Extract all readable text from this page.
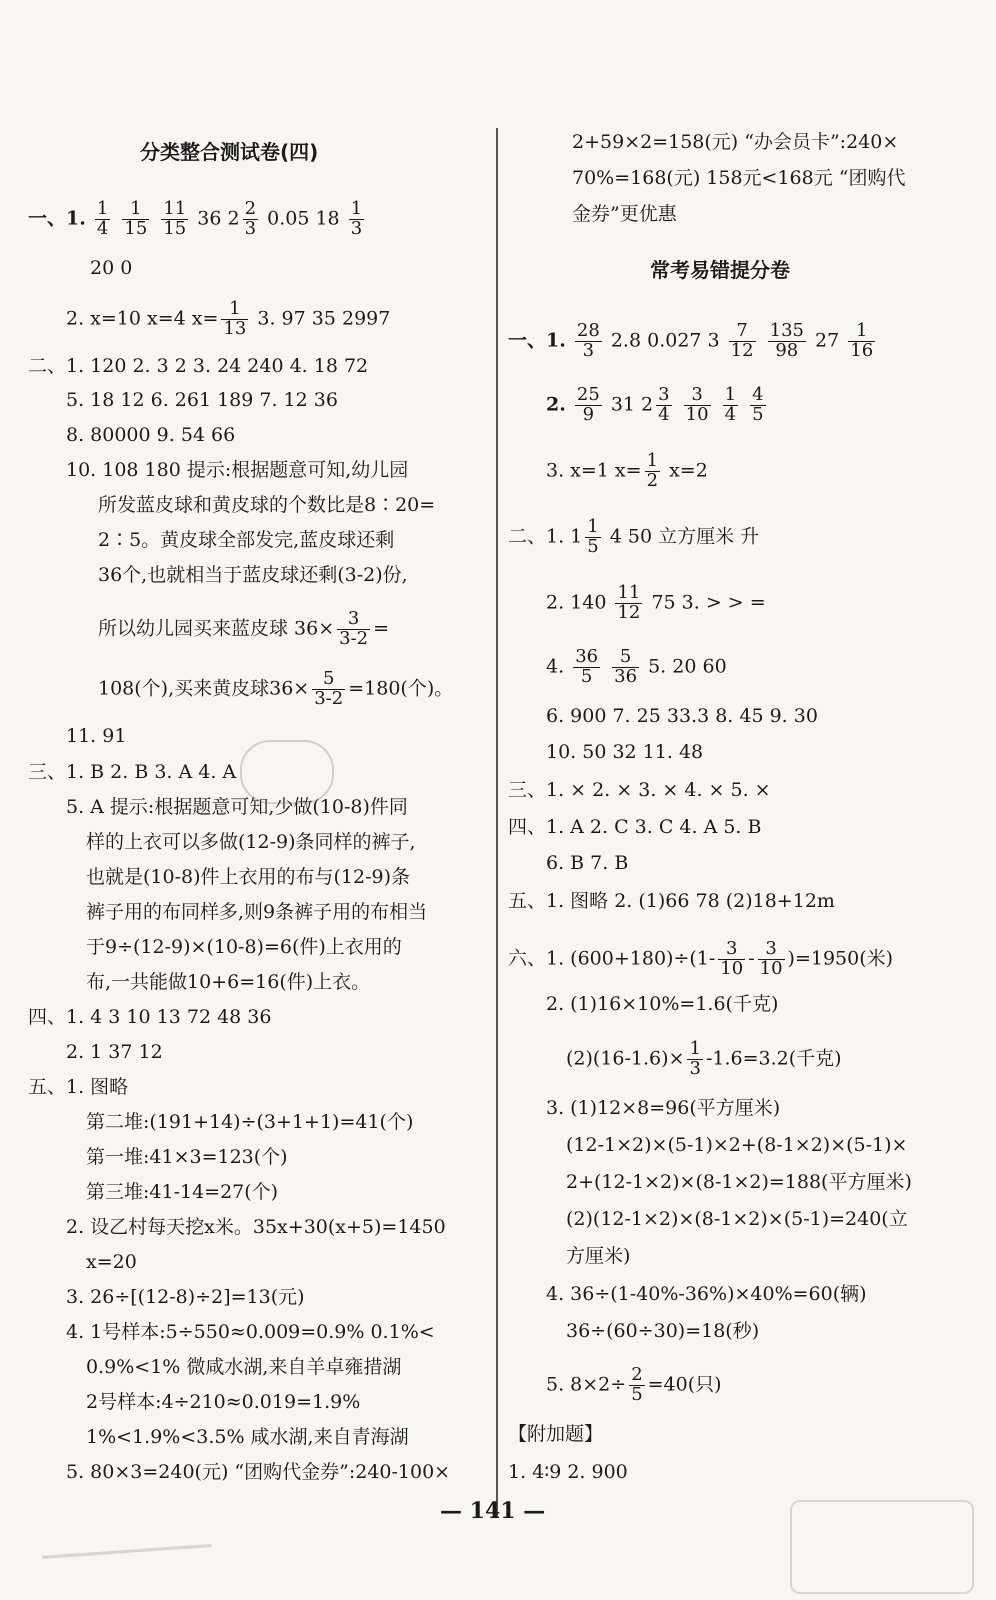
分类整合测试卷(四)
一、1. $\frac{1}{4}$
$\frac{1}{15}$
$\frac{11}{15} 36$ $2 \frac{2}{3} 0.05$ $18 \frac{1}{3}$
20 0
2. x=10 x=4 $x= \frac{1}{13} 3$. 97 35 2997
二、1. 120 2. 3 2 3. 24 240 4. 18 72
5. 18 12 6. 261 189 7. 12 36
8. 80000 9. 54 66
10. 108 180 提示:根据题意可知,幼儿园
所发蓝皮球和黄皮球的个数比是8∶20=
2∶5。黄皮球全部发完,蓝皮球还剩
36个,也就相当于蓝皮球还剩(3-2)份,
所以幼儿园买来蓝皮球 $36\times \frac{3}{3-2}$ =
108(个),买来黄皮球$36\times \frac{5}{3-2} =180$(个)。
11. 91
三、1. B 2. B 3. A 4. A
5. A 提示:根据题意可知,少做(10-8)件同
样的上衣可以多做(12-9)条同样的裤子,
也就是(10-8)件上衣用的布与(12-9)条
裤子用的布同样多,则9条裤子用的布相当
于9÷(12-9)×(10-8)=6(件)上衣用的
布,一共能做10+6=16(件)上衣。
四、1. 4 3 10 13 72 48 36
2. 1 37 12
五、1. 图略
第二堆:(191+14)÷(3+1+1)=41(个)
第一堆:41×3=123(个)
第三堆:41-14=27(个)
2. 设乙村每天挖x米。35x+30(x+5)=1450
x=20
3. 26÷[(12-8)÷2]=13(元)
4. 1号样本:5÷550≈0.009=0.9% 0.1%<
0.9%<1% 微咸水湖,来自羊卓雍措湖
2号样本:4÷210≈0.019=1.9%
1%<1.9%<3.5% 咸水湖,来自青海湖
5. 80×3=240(元) “团购代金券”:240-100×
2+59×2=158(元) “办会员卡”:240×
70%=168(元) 158元<168元 “团购代
金券”更优惠
常考易错提分卷
一、1. $\frac{28}{3} 2.8$ 0.027 $3 \frac{7}{12}$
$\frac{135}{98} 27 \frac{1}{16}$
2. $\frac{25}{9} 31$ $2 \frac{3}{4}$
$\frac{3}{10}$
$\frac{1}{4}$
$\frac{4}{5}$
3. x=1 $x= \frac{1}{2} x=2$
二、1. $1 \frac{1}{5} 4$ 50 立方厘米 升
2. $140 \frac{11}{12} 75$ 3. > > =
4. $\frac{36}{5}$
$\frac{5}{36} 5$. 20 60
6. 900 7. 25 33.3 8. 45 9. 30
10. 50 32 11. 48
三、1. × 2. × 3. × 4. × 5. ×
四、1. A 2. C 3. C 4. A 5. B
6. B 7. B
五、1. 图略 2. (1)66 78 (2)18+12m
六、1. $(600+180)\div(1- \frac{3}{10} - \frac{3}{10} )=1950$(米)
2. (1)16×10%=1.6(千克)
$(2)(16-1.6)\times \frac{1}{3} -1.6=3.2$(千克)
3. (1)12×8=96(平方厘米)
(12-1×2)×(5-1)×2+(8-1×2)×(5-1)×
2+(12-1×2)×(8-1×2)=188(平方厘米)
(2)(12-1×2)×(8-1×2)×(5-1)=240(立
方厘米)
4. 36÷(1-40%-36%)×40%=60(辆)
36÷(60÷30)=18(秒)
5. $8\times 2\div \frac{2}{5} =40$(只)
【附加题】
1. 4∶9 2. 900
— 141 —
